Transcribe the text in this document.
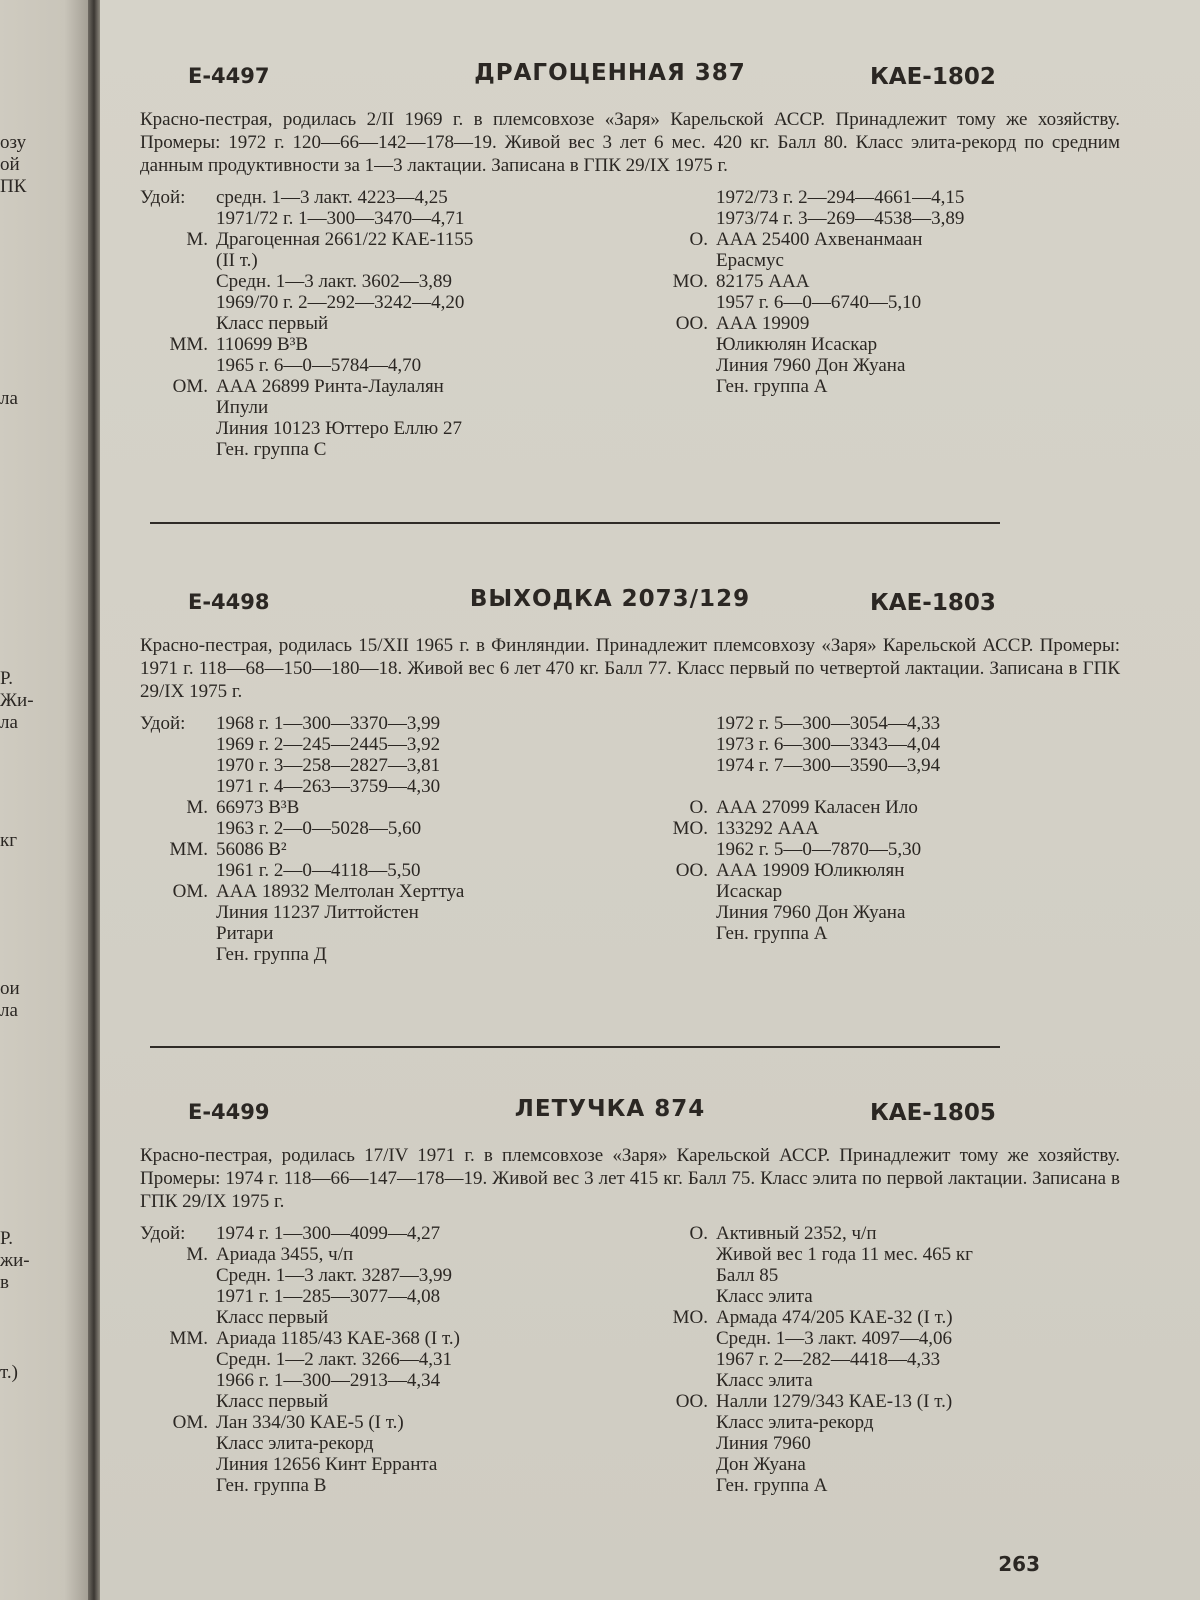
озу
ой
ПК
ла
Р.
Жи-
ла
кг
ои
ла
Р.
жи-
в
т.)
Е-4497	ДРАГОЦЕННАЯ 387	КАЕ-1802
Красно-пестрая, родилась 2/II 1969 г. в племсовхозе «Заря» Карельской АССР. Принадлежит тому же хозяйству. Промеры: 1972 г. 120—66—142—178—19. Живой вес 3 лет 6 мес. 420 кг. Балл 80. Класс элита-рекорд по средним данным продуктивности за 1—3 лактации. Записана в ГПК 29/IX 1975 г.
Удой: средн. 1—3 лакт. 4223—4,25
1971/72 г. 1—300—3470—4,71
М. Драгоценная 2661/22 КАЕ-1155
(II т.)
Средн. 1—3 лакт. 3602—3,89
1969/70 г. 2—292—3242—4,20
Класс первый
ММ. 110699 В³В
1965 г. 6—0—5784—4,70
ОМ. ААА 26899 Ринта-Лаулалян
Ипули
Линия 10123 Юттеро Еллю 27
Ген. группа С
1972/73 г. 2—294—4661—4,15
1973/74 г. 3—269—4538—3,89
О. ААА 25400 Ахвенанмаан
Ерасмус
МО. 82175 ААА
1957 г. 6—0—6740—5,10
ОО. ААА 19909
Юликюлян Исаскар
Линия 7960 Дон Жуана
Ген. группа А
Е-4498	ВЫХОДКА 2073/129	КАЕ-1803
Красно-пестрая, родилась 15/XII 1965 г. в Финляндии. Принадлежит племсовхозу «Заря» Карельской АССР. Промеры: 1971 г. 118—68—150—180—18. Живой вес 6 лет 470 кг. Балл 77. Класс первый по четвертой лактации. Записана в ГПК 29/IX 1975 г.
Удой: 1968 г. 1—300—3370—3,99
1969 г. 2—245—2445—3,92
1970 г. 3—258—2827—3,81
1971 г. 4—263—3759—4,30
М. 66973 В³В
1963 г. 2—0—5028—5,60
ММ. 56086 В²
1961 г. 2—0—4118—5,50
ОМ. ААА 18932 Мелтолан Херттуа
Линия 11237 Литтойстен
Ритари
Ген. группа Д
1972 г. 5—300—3054—4,33
1973 г. 6—300—3343—4,04
1974 г. 7—300—3590—3,94
О. ААА 27099 Каласен Ило
МО. 133292 ААА
1962 г. 5—0—7870—5,30
ОО. ААА 19909 Юликюлян
Исаскар
Линия 7960 Дон Жуана
Ген. группа А
Е-4499	ЛЕТУЧКА 874	КАЕ-1805
Красно-пестрая, родилась 17/IV 1971 г. в племсовхозе «Заря» Карельской АССР. Принадлежит тому же хозяйству. Промеры: 1974 г. 118—66—147—178—19. Живой вес 3 лет 415 кг. Балл 75. Класс элита по первой лактации. Записана в ГПК 29/IX 1975 г.
Удой: 1974 г. 1—300—4099—4,27
М. Ариада 3455, ч/п
Средн. 1—3 лакт. 3287—3,99
1971 г. 1—285—3077—4,08
Класс первый
ММ. Ариада 1185/43 КАЕ-368 (I т.)
Средн. 1—2 лакт. 3266—4,31
1966 г. 1—300—2913—4,34
Класс первый
ОМ. Лан 334/30 КАЕ-5 (I т.)
Класс элита-рекорд
Линия 12656 Кинт Ерранта
Ген. группа В
О. Активный 2352, ч/п
Живой вес 1 года 11 мес. 465 кг
Балл 85
Класс элита
МО. Армада 474/205 КАЕ-32 (I т.)
Средн. 1—3 лакт. 4097—4,06
1967 г. 2—282—4418—4,33
Класс элита
ОО. Налли 1279/343 КАЕ-13 (I т.)
Класс элита-рекорд
Линия 7960
Дон Жуана
Ген. группа А
263
